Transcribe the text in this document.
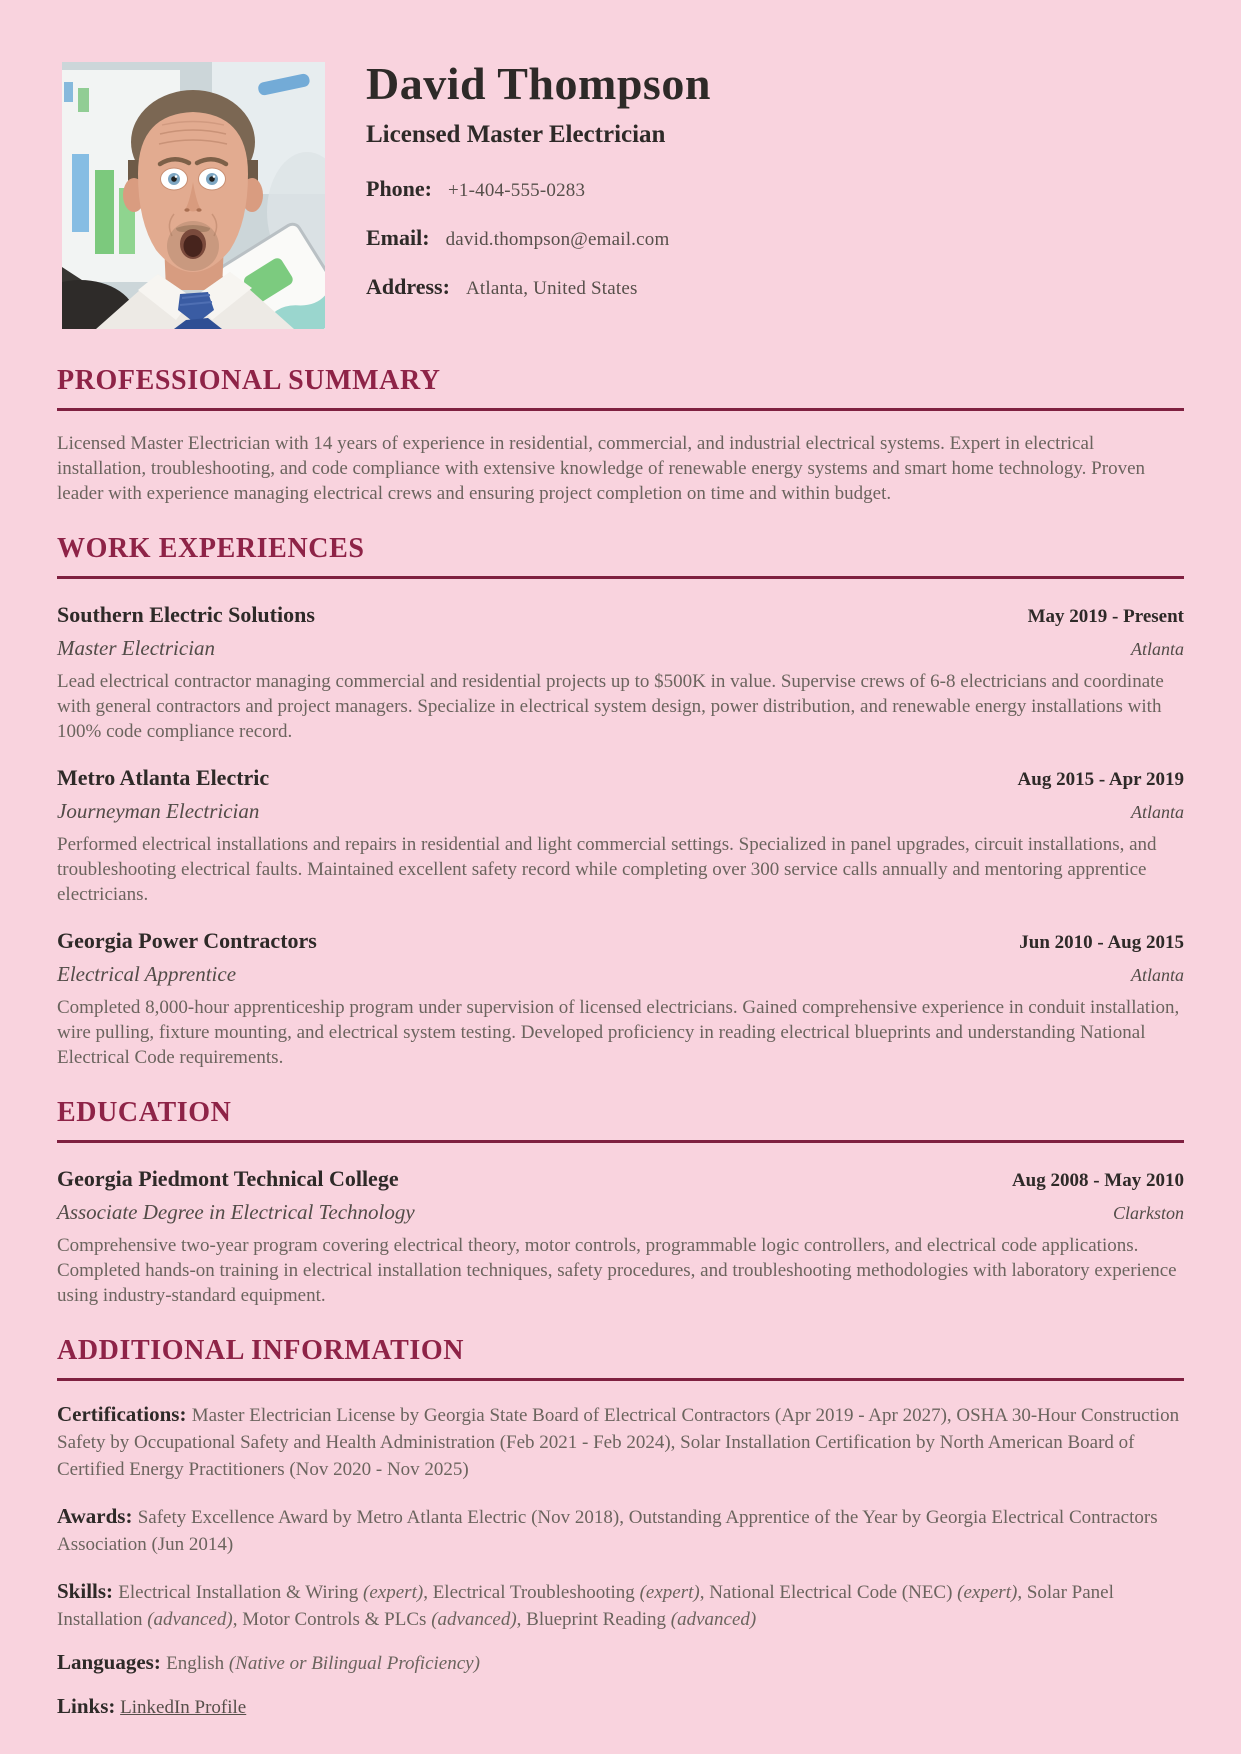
David Thompson
Licensed Master Electrician
Phone: +1-404-555-0283
Email: david.thompson@email.com
Address: Atlanta, United States
PROFESSIONAL SUMMARY

Licensed Master Electrician with 14 years of experience in residential, commercial, and industrial electrical systems. Expert in electrical installation, troubleshooting, and code compliance with extensive knowledge of renewable energy systems and smart home technology. Proven leader with experience managing electrical crews and ensuring project completion on time and within budget.

WORK EXPERIENCES
Southern Electric Solutions	May 2019 - Present
Master Electrician	Atlanta
Lead electrical contractor managing commercial and residential projects up to $500K in value. Supervise crews of 6-8 electricians and coordinate with general contractors and project managers. Specialize in electrical system design, power distribution, and renewable energy installations with 100% code compliance record.
Metro Atlanta Electric	Aug 2015 - Apr 2019
Journeyman Electrician	Atlanta
Performed electrical installations and repairs in residential and light commercial settings. Specialized in panel upgrades, circuit installations, and troubleshooting electrical faults. Maintained excellent safety record while completing over 300 service calls annually and mentoring apprentice electricians.
Georgia Power Contractors	Jun 2010 - Aug 2015
Electrical Apprentice	Atlanta
Completed 8,000-hour apprenticeship program under supervision of licensed electricians. Gained comprehensive experience in conduit installation, wire pulling, fixture mounting, and electrical system testing. Developed proficiency in reading electrical blueprints and understanding National Electrical Code requirements.
EDUCATION
Georgia Piedmont Technical College	Aug 2008 - May 2010
Associate Degree in Electrical Technology	Clarkston
Comprehensive two-year program covering electrical theory, motor controls, programmable logic controllers, and electrical code applications. Completed hands-on training in electrical installation techniques, safety procedures, and troubleshooting methodologies with laboratory experience using industry-standard equipment.
ADDITIONAL INFORMATION

Certifications: Master Electrician License by Georgia State Board of Electrical Contractors (Apr 2019 - Apr 2027), OSHA 30-Hour Construction Safety by Occupational Safety and Health Administration (Feb 2021 - Feb 2024), Solar Installation Certification by North American Board of Certified Energy Practitioners (Nov 2020 - Nov 2025)

Awards: Safety Excellence Award by Metro Atlanta Electric (Nov 2018), Outstanding Apprentice of the Year by Georgia Electrical Contractors Association (Jun 2014)

Skills: Electrical Installation & Wiring (expert), Electrical Troubleshooting (expert), National Electrical Code (NEC) (expert), Solar Panel Installation (advanced), Motor Controls & PLCs (advanced), Blueprint Reading (advanced)

Languages: English (Native or Bilingual Proficiency)

Links: LinkedIn Profile
